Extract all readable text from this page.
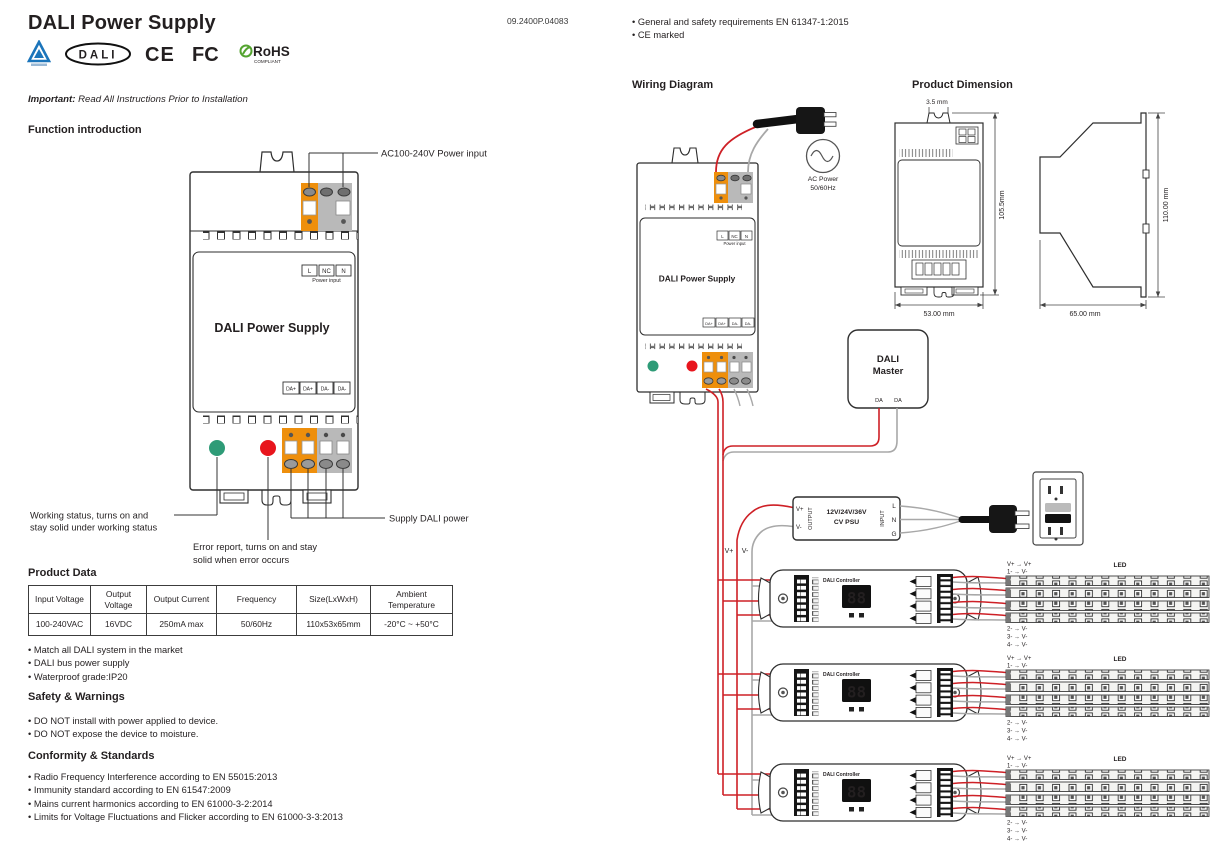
DALI Power Supply	09.2400P.04083
DALI CE FC	RoHS
COMPLIANT
• General and safety requirements EN 61347-1:2015
• CE marked
Important: Read All Instructions Prior to Installation
Function introduction
Wiring Diagram	Product Dimension
L NC N
Power input
DALI Power Supply
DA+ DA+ DA- DA-
AC100-240V Power input
Working status, turns on and
stay solid under working status
Error report, turns on and stay
solid when error occurs
Supply DALI power
Product Data
Input Voltage	Output Voltage	Output Current	Frequency	Size(LxWxH)	Ambient Temperature
100-240VAC	16VDC	250mA max	50/60Hz	110x53x65mm	-20°C ~ +50°C
• Match all DALI system in the market
• DALI bus power supply
• Waterproof grade:IP20
Safety & Warnings
• DO NOT install with power applied to device.
• DO NOT expose the device to moisture.
Conformity & Standards
• Radio Frequency Interference according to EN 55015:2013
• Immunity standard according to EN 61547:2009
• Mains current harmonics according to EN 61000-3-2:2014
• Limits for Voltage Fluctuations and Flicker according to EN 61000-3-3:2013
L NC N
Power input
DALI Power Supply
DA+ DA+ DA- DA-
AC Power
50/60Hz
DALI
Master
DA DA
V+ V-
12V/24V/36V
CV PSU
V+
V- OUTPUT	INPUT
L
N
G
3.5 mm
105.5mm
53.00 mm
110.00 mm
65.00 mm
